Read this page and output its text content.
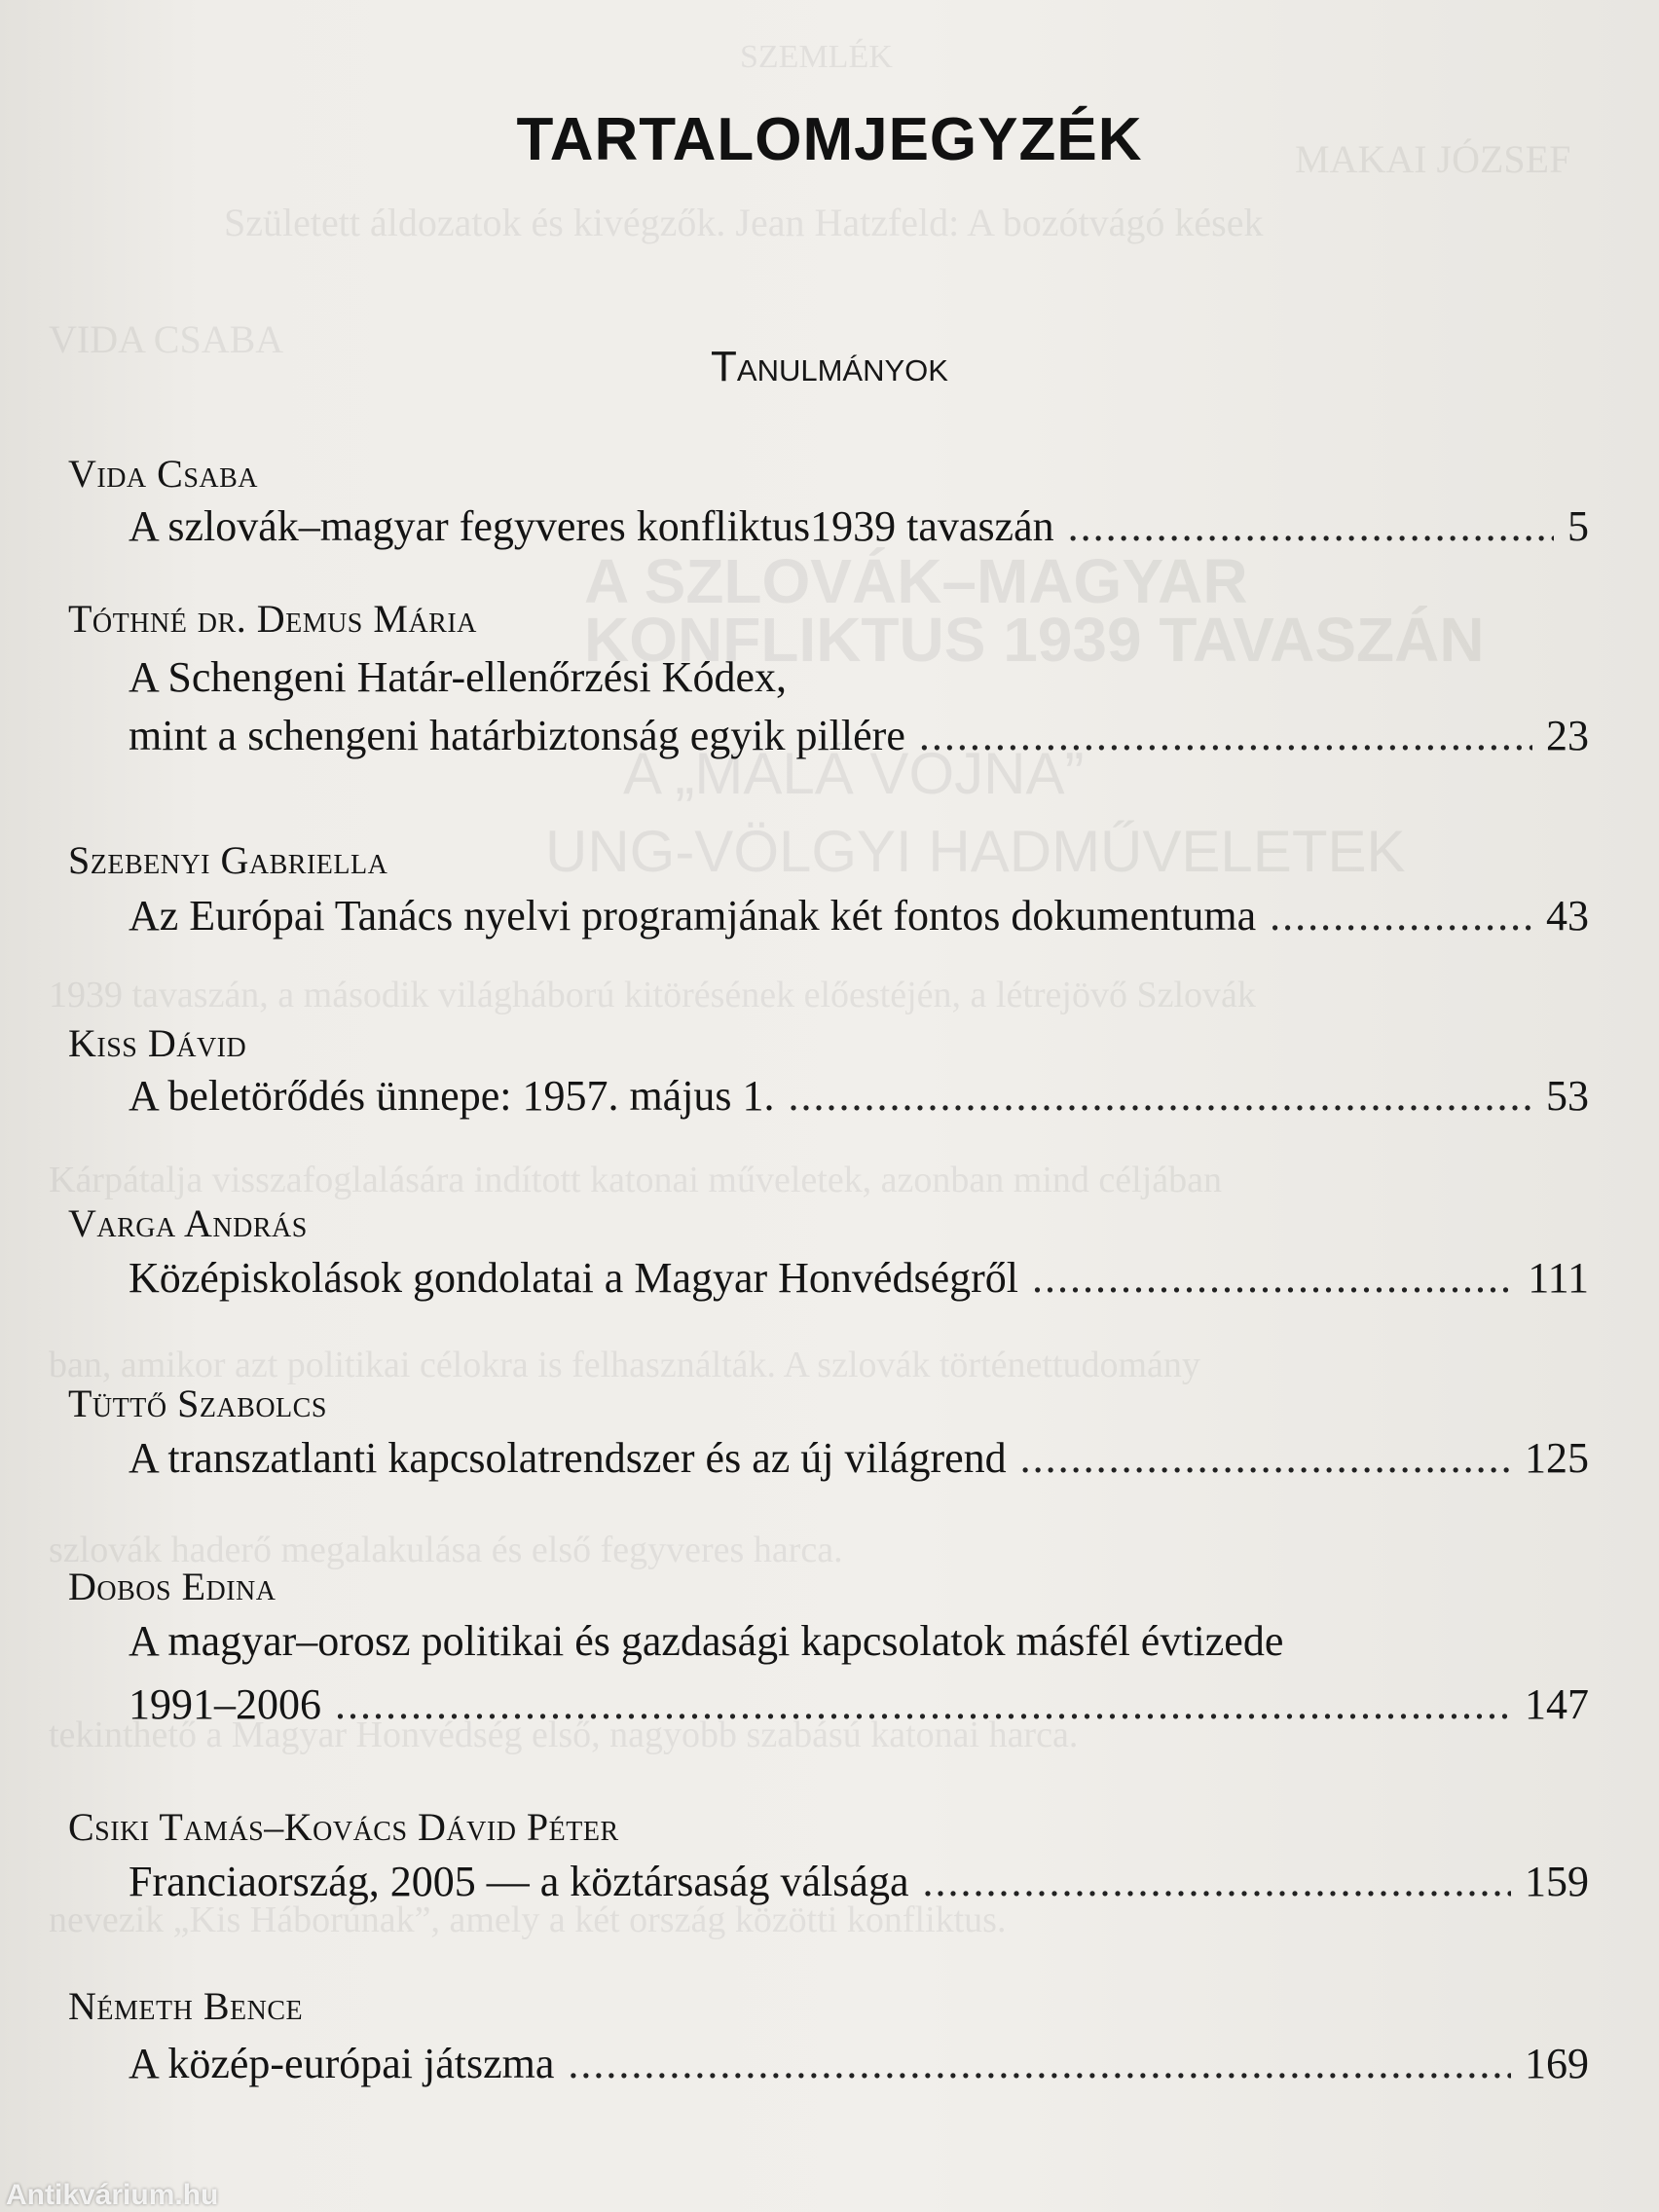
SZEMLÉK
MAKAI JÓZSEF
Született áldozatok és kivégzők. Jean Hatzfeld: A bozótvágó kések
VIDA CSABA
A SZLOVÁK–MAGYAR
KONFLIKTUS 1939 TAVASZÁN
A „MALÁ VOJNA”
UNG-VÖLGYI HADMŰVELETEK
1939 tavaszán, a második világháború kitörésének előestéjén, a létrejövő Szlovák
Kárpátalja visszafoglalására indított katonai műveletek, azonban mind céljában
ban, amikor azt politikai célokra is felhasználták. A szlovák történettudomány
szlovák haderő megalakulása és első fegyveres harca.
tekinthető a Magyar Honvédség első, nagyobb szabású katonai harca.
nevezik „Kis Háborúnak”, amely a két ország közötti konfliktus.
TARTALOMJEGYZÉK
Tanulmányok
Vida Csaba
A szlovák–magyar fegyveres konfliktus1939 tavaszán .....	5
Tóthné dr. Demus Mária
A Schengeni Határ-ellenőrzési Kódex,
mint a schengeni határbiztonság egyik pillére .....	23
Szebenyi Gabriella
Az Európai Tanács nyelvi programjának két fontos dokumentuma .....	43
Kiss Dávid
A beletörődés ünnepe: 1957. május 1. .....	53
Varga András
Középiskolások gondolatai a Magyar Honvédségről .....	111
Tüttő Szabolcs
A transzatlanti kapcsolatrendszer és az új világrend .....	125
Dobos Edina
A magyar–orosz politikai és gazdasági kapcsolatok másfél évtizede
1991–2006 .....	147
Csiki Tamás–Kovács Dávid Péter
Franciaország, 2005 — a köztársaság válsága .....	159
Németh Bence
A közép-európai játszma .....	169
Antikvárium.hu
